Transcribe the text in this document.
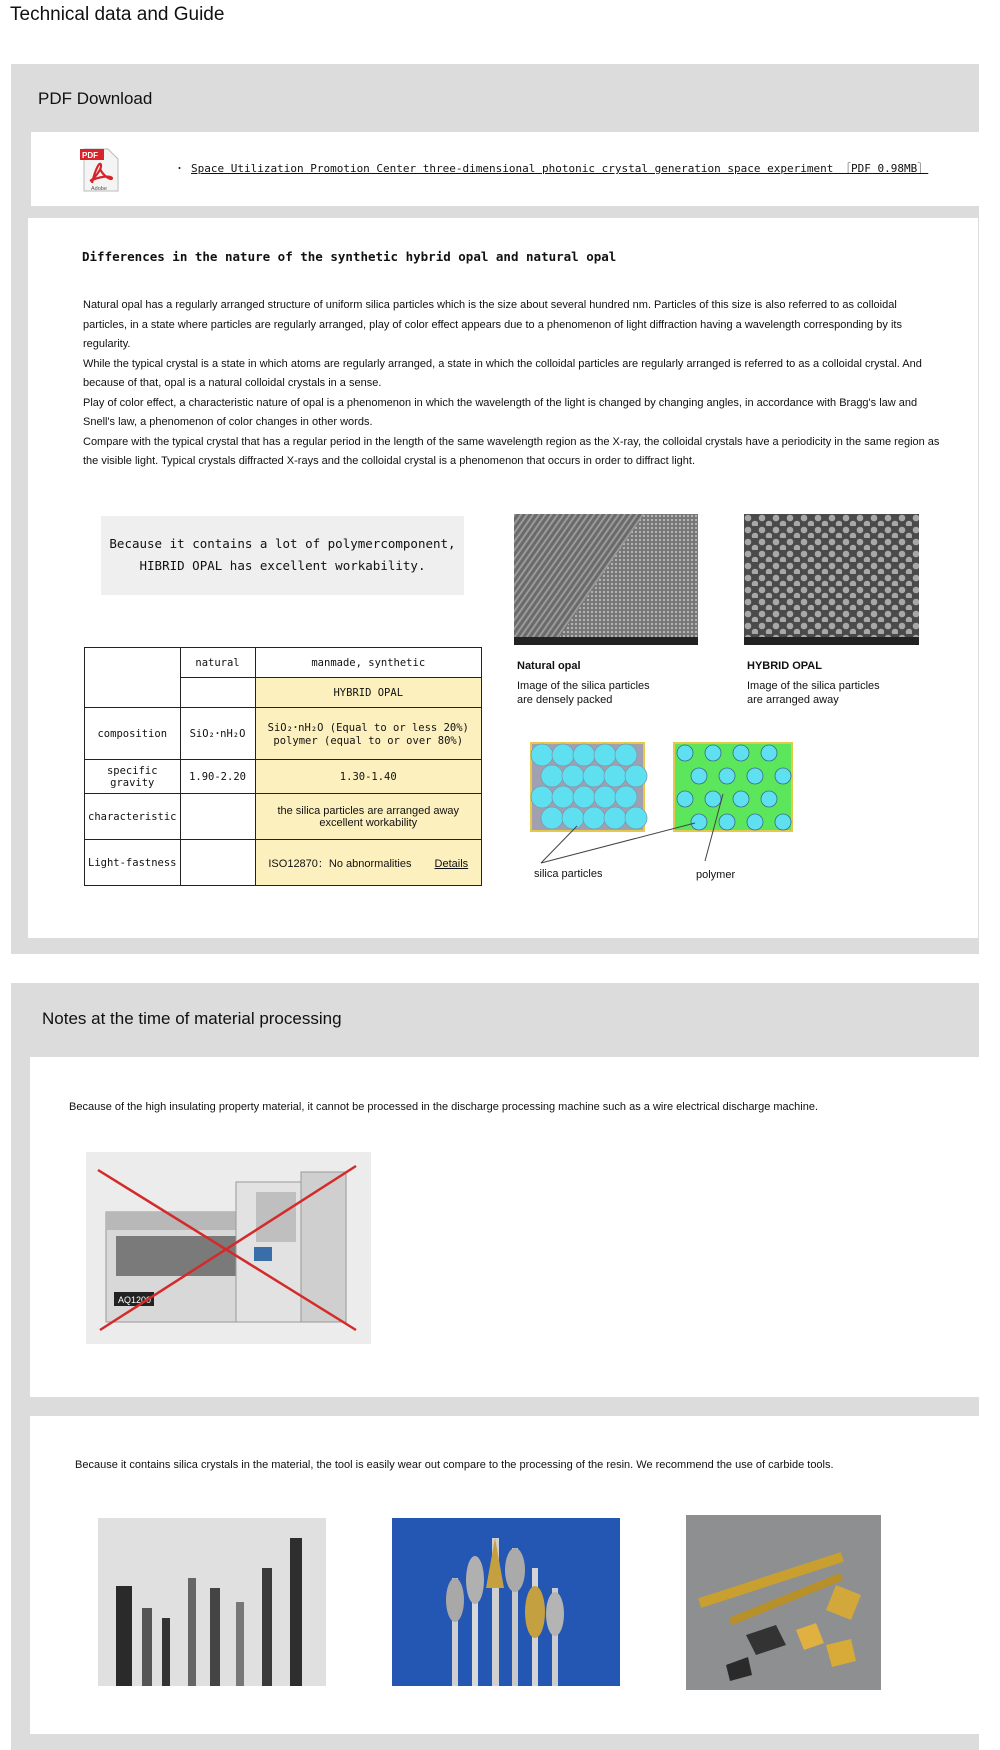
Technical data and Guide
PDF Download
PDF
Adobe
・ Space Utilization Promotion Center three-dimensional photonic crystal generation space experiment ［PDF 0.98MB］
Differences in the nature of the synthetic hybrid opal and natural opal

Natural opal has a regularly arranged structure of uniform silica particles which is the size about several hundred nm. Particles of this size is also referred to as colloidal particles, in a state where particles are regularly arranged, play of color effect appears due to a phenomenon of light diffraction having a wavelength corresponding by its regularity.

While the typical crystal is a state in which atoms are regularly arranged, a state in which the colloidal particles are regularly arranged is referred to as a colloidal crystal. And because of that, opal is a natural colloidal crystals in a sense.

Play of color effect, a characteristic nature of opal is a phenomenon in which the wavelength of the light is changed by changing angles, in accordance with Bragg's law and Snell's law, a phenomenon of color changes in other words.

Compare with the typical crystal that has a regular period in the length of the same wavelength region as the X-ray, the colloidal crystals have a periodicity in the same region as the visible light. Typical crystals diffracted X-rays and the colloidal crystal is a phenomenon that occurs in order to diffract light.

Because it contains a lot of polymercomponent,
HIBRID OPAL has excellent workability.
	natural	manmade, synthetic
		HYBRID OPAL
composition	SiO₂･nH₂O	SiO₂･nH₂O (Equal to or less 20%)
polymer (equal to or over 80%)

specific
gravity	1.90-2.20	1.30-1.40
characteristic		the silica particles are arranged away
excellent workability

Light-fastness		ISO12870：No abnormalities Details
Natural opal
Image of the silica particles
are densely packed
HYBRID OPAL
Image of the silica particles
are arranged away
silica particles	polymer
Notes at the time of material processing
Because of the high insulating property material, it cannot be processed in the discharge processing machine such as a wire electrical discharge machine.
AQ1200
Because it contains silica crystals in the material, the tool is easily wear out compare to the processing of the resin. We recommend the use of carbide tools.
